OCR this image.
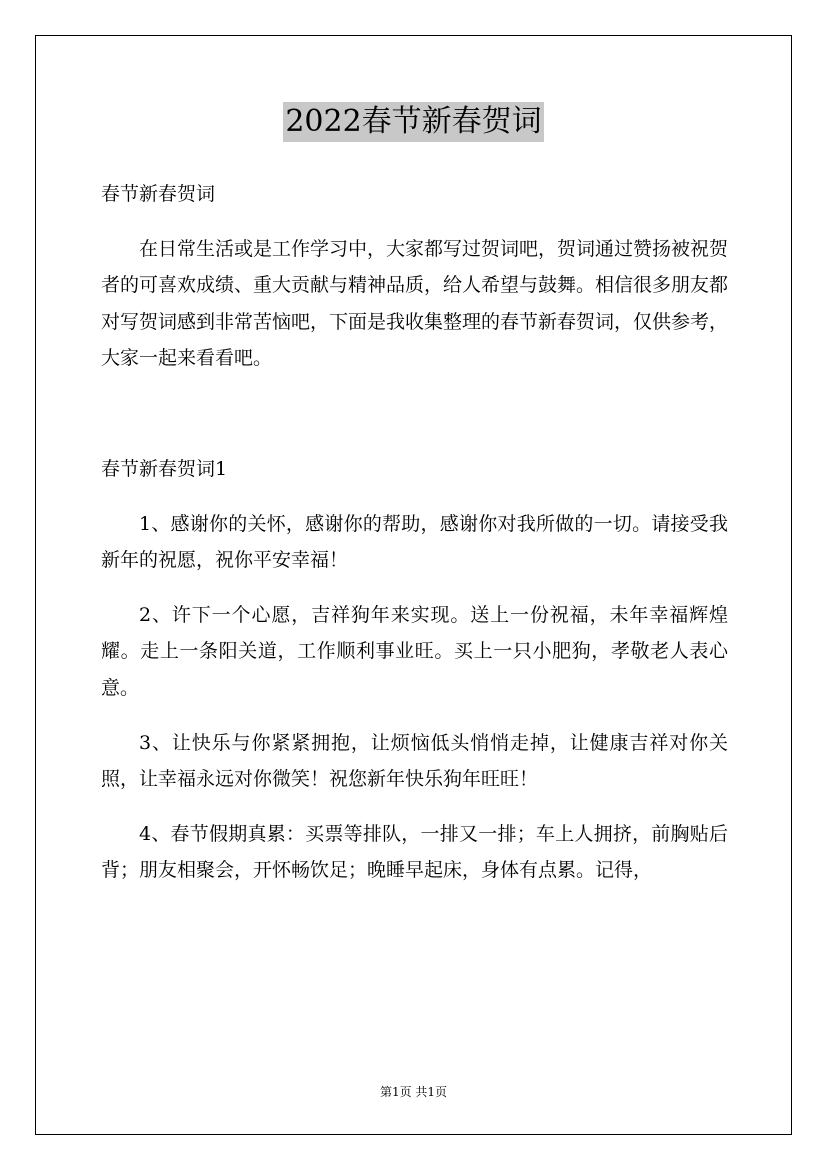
2022春节新春贺词

春节新春贺词

在日常生活或是工作学习中，大家都写过贺词吧，贺词通过赞扬被祝贺者的可喜欢成绩、重大贡献与精神品质，给人希望与鼓舞。相信很多朋友都对写贺词感到非常苦恼吧，下面是我收集整理的春节新春贺词，仅供参考，大家一起来看看吧。

春节新春贺词1

1、感谢你的关怀，感谢你的帮助，感谢你对我所做的一切。请接受我新年的祝愿，祝你平安幸福！

2、许下一个心愿，吉祥狗年来实现。送上一份祝福，未年幸福辉煌耀。走上一条阳关道，工作顺利事业旺。买上一只小肥狗，孝敬老人表心意。

3、让快乐与你紧紧拥抱，让烦恼低头悄悄走掉，让健康吉祥对你关照，让幸福永远对你微笑！祝您新年快乐狗年旺旺！

4、春节假期真累：买票等排队，一排又一排；车上人拥挤，前胸贴后背；朋友相聚会，开怀畅饮足；晚睡早起床，身体有点累。记得，

第1页 共1页
